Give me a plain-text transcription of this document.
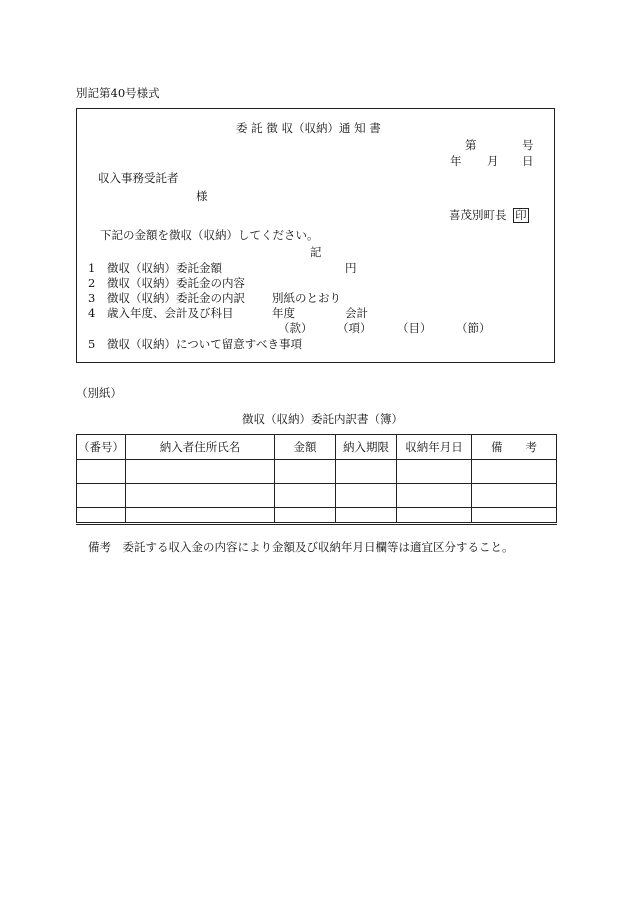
別記第40号様式
委 託 徴 収（収納）通 知 書
第	号
年 月 日
収入事務受託者
様
喜茂別町長 印
下記の金額を徴収（収納）してください。
記
1 徴収（収納）委託金額	円
2 徴収（収納）委託金の内容
3 徴収（収納）委託金の内訳 別紙のとおり
4 歳入年度、会計及び科目	年度	会計
（款） （項） （目） （節）
5 徴収（収納）について留意すべき事項
（別紙）
徴収（収納）委託内訳書（簿）
（番号）	納入者住所氏名	金額	納入期限	収納年月日	備　　考

備考　委託する収入金の内容により金額及び収納年月日欄等は適宜区分すること。
